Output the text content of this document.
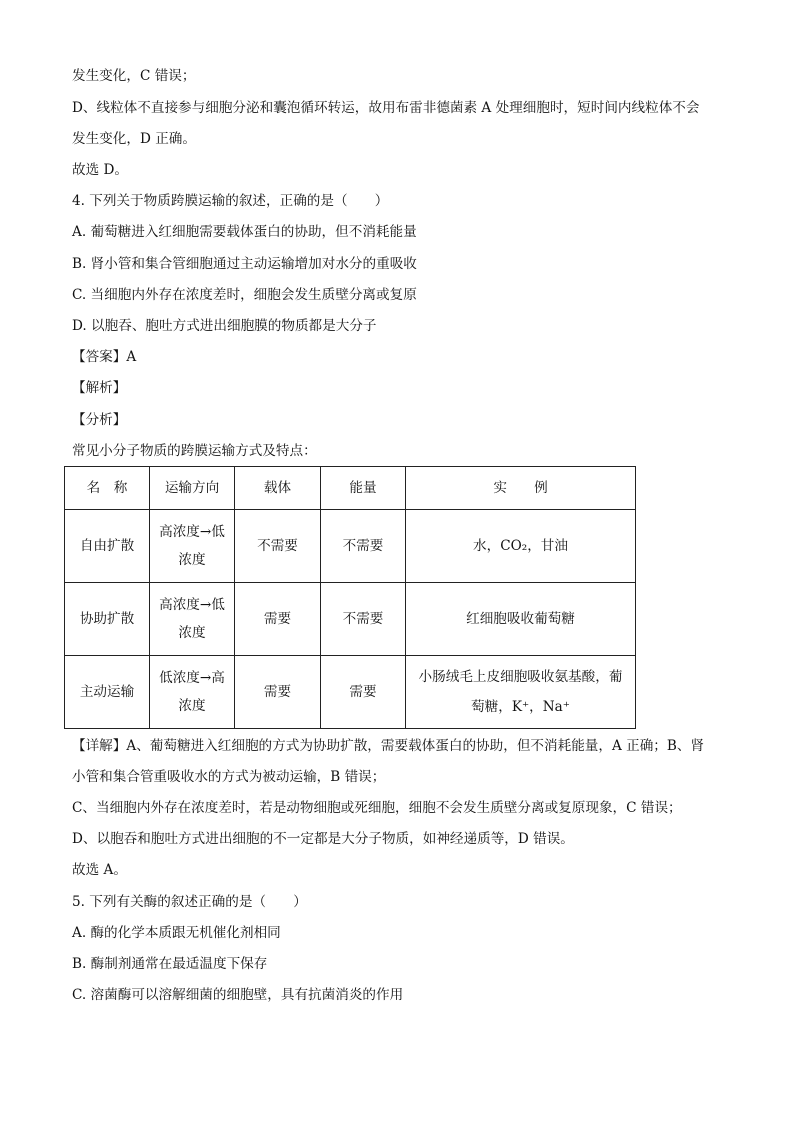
发生变化，C 错误；
D、线粒体不直接参与细胞分泌和囊泡循环转运，故用布雷非德菌素 A 处理细胞时，短时间内线粒体不会
发生变化，D 正确。
故选 D。
4. 下列关于物质跨膜运输的叙述，正确的是（　　）
A. 葡萄糖进入红细胞需要载体蛋白的协助，但不消耗能量
B. 肾小管和集合管细胞通过主动运输增加对水分的重吸收
C. 当细胞内外存在浓度差时，细胞会发生质壁分离或复原
D. 以胞吞、胞吐方式进出细胞膜的物质都是大分子
【答案】A
【解析】
【分析】
常见小分子物质的跨膜运输方式及特点：
名　称	运输方向	载体	能量	实　　例
自由扩散	高浓度→低浓度	不需要	不需要	水，CO₂，甘油
协助扩散	高浓度→低浓度	需要	不需要	红细胞吸收葡萄糖
主动运输	低浓度→高浓度	需要	需要	小肠绒毛上皮细胞吸收氨基酸，葡萄糖，K⁺，Na⁺
【详解】A、葡萄糖进入红细胞的方式为协助扩散，需要载体蛋白的协助，但不消耗能量，A 正确；B、肾
小管和集合管重吸收水的方式为被动运输，B 错误；
C、当细胞内外存在浓度差时，若是动物细胞或死细胞，细胞不会发生质壁分离或复原现象，C 错误；
D、以胞吞和胞吐方式进出细胞的不一定都是大分子物质，如神经递质等，D 错误。
故选 A。
5. 下列有关酶的叙述正确的是（　　）
A. 酶的化学本质跟无机催化剂相同
B. 酶制剂通常在最适温度下保存
C. 溶菌酶可以溶解细菌的细胞壁，具有抗菌消炎的作用
